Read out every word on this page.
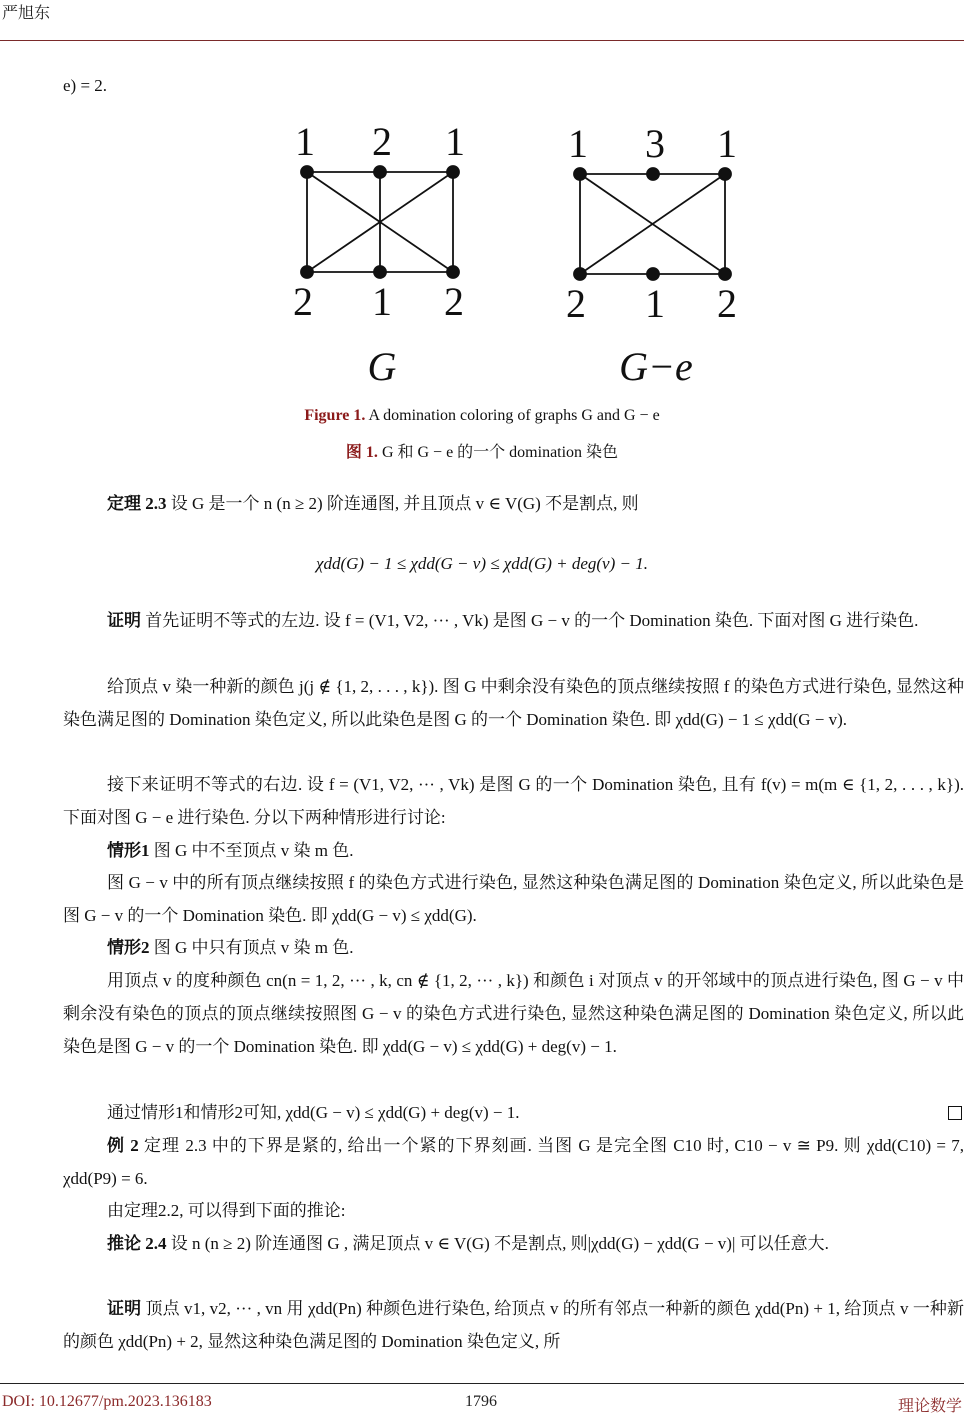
严旭东
e) = 2.
1 2 1
2 1 2
1 3 1
2 1 2
G	G−e
Figure 1. A domination coloring of graphs G and G − e
图 1. G 和 G − e 的一个 domination 染色
定理 2.3 设 G 是一个 n (n ≥ 2) 阶连通图, 并且顶点 v ∈ V(G) 不是割点, 则
χdd(G) − 1 ≤ χdd(G − v) ≤ χdd(G) + deg(v) − 1.
证明 首先证明不等式的左边. 设 f = (V1, V2, ··· , Vk) 是图 G − v 的一个 Domination 染色. 下面对图 G 进行染色.
给顶点 v 染一种新的颜色 j(j ∉ {1, 2, . . . , k}). 图 G 中剩余没有染色的顶点继续按照 f 的染色方式进行染色, 显然这种染色满足图的 Domination 染色定义, 所以此染色是图 G 的一个 Domination 染色. 即 χdd(G) − 1 ≤ χdd(G − v).
接下来证明不等式的右边. 设 f = (V1, V2, ··· , Vk) 是图 G 的一个 Domination 染色, 且有 f(v) = m(m ∈ {1, 2, . . . , k}). 下面对图 G − e 进行染色. 分以下两种情形进行讨论:
情形1 图 G 中不至顶点 v 染 m 色.
图 G − v 中的所有顶点继续按照 f 的染色方式进行染色, 显然这种染色满足图的 Domination 染色定义, 所以此染色是图 G − v 的一个 Domination 染色. 即 χdd(G − v) ≤ χdd(G).
情形2 图 G 中只有顶点 v 染 m 色.
用顶点 v 的度种颜色 cn(n = 1, 2, ··· , k, cn ∉ {1, 2, ··· , k}) 和颜色 i 对顶点 v 的开邻域中的顶点进行染色, 图 G − v 中剩余没有染色的顶点的顶点继续按照图 G − v 的染色方式进行染色, 显然这种染色满足图的 Domination 染色定义, 所以此染色是图 G − v 的一个 Domination 染色. 即 χdd(G − v) ≤ χdd(G) + deg(v) − 1.
通过情形1和情形2可知, χdd(G − v) ≤ χdd(G) + deg(v) − 1.
例 2 定理 2.3 中的下界是紧的, 给出一个紧的下界刻画. 当图 G 是完全图 C10 时, C10 − v ≅ P9. 则 χdd(C10) = 7, χdd(P9) = 6.
由定理2.2, 可以得到下面的推论:
推论 2.4 设 n (n ≥ 2) 阶连通图 G , 满足顶点 v ∈ V(G) 不是割点, 则|χdd(G) − χdd(G − v)| 可以任意大.
证明 顶点 v1, v2, ··· , vn 用 χdd(Pn) 种颜色进行染色, 给顶点 v 的所有邻点一种新的颜色 χdd(Pn) + 1, 给顶点 v 一种新的颜色 χdd(Pn) + 2, 显然这种染色满足图的 Domination 染色定义, 所
DOI: 10.12677/pm.2023.136183	1796	理论数学
